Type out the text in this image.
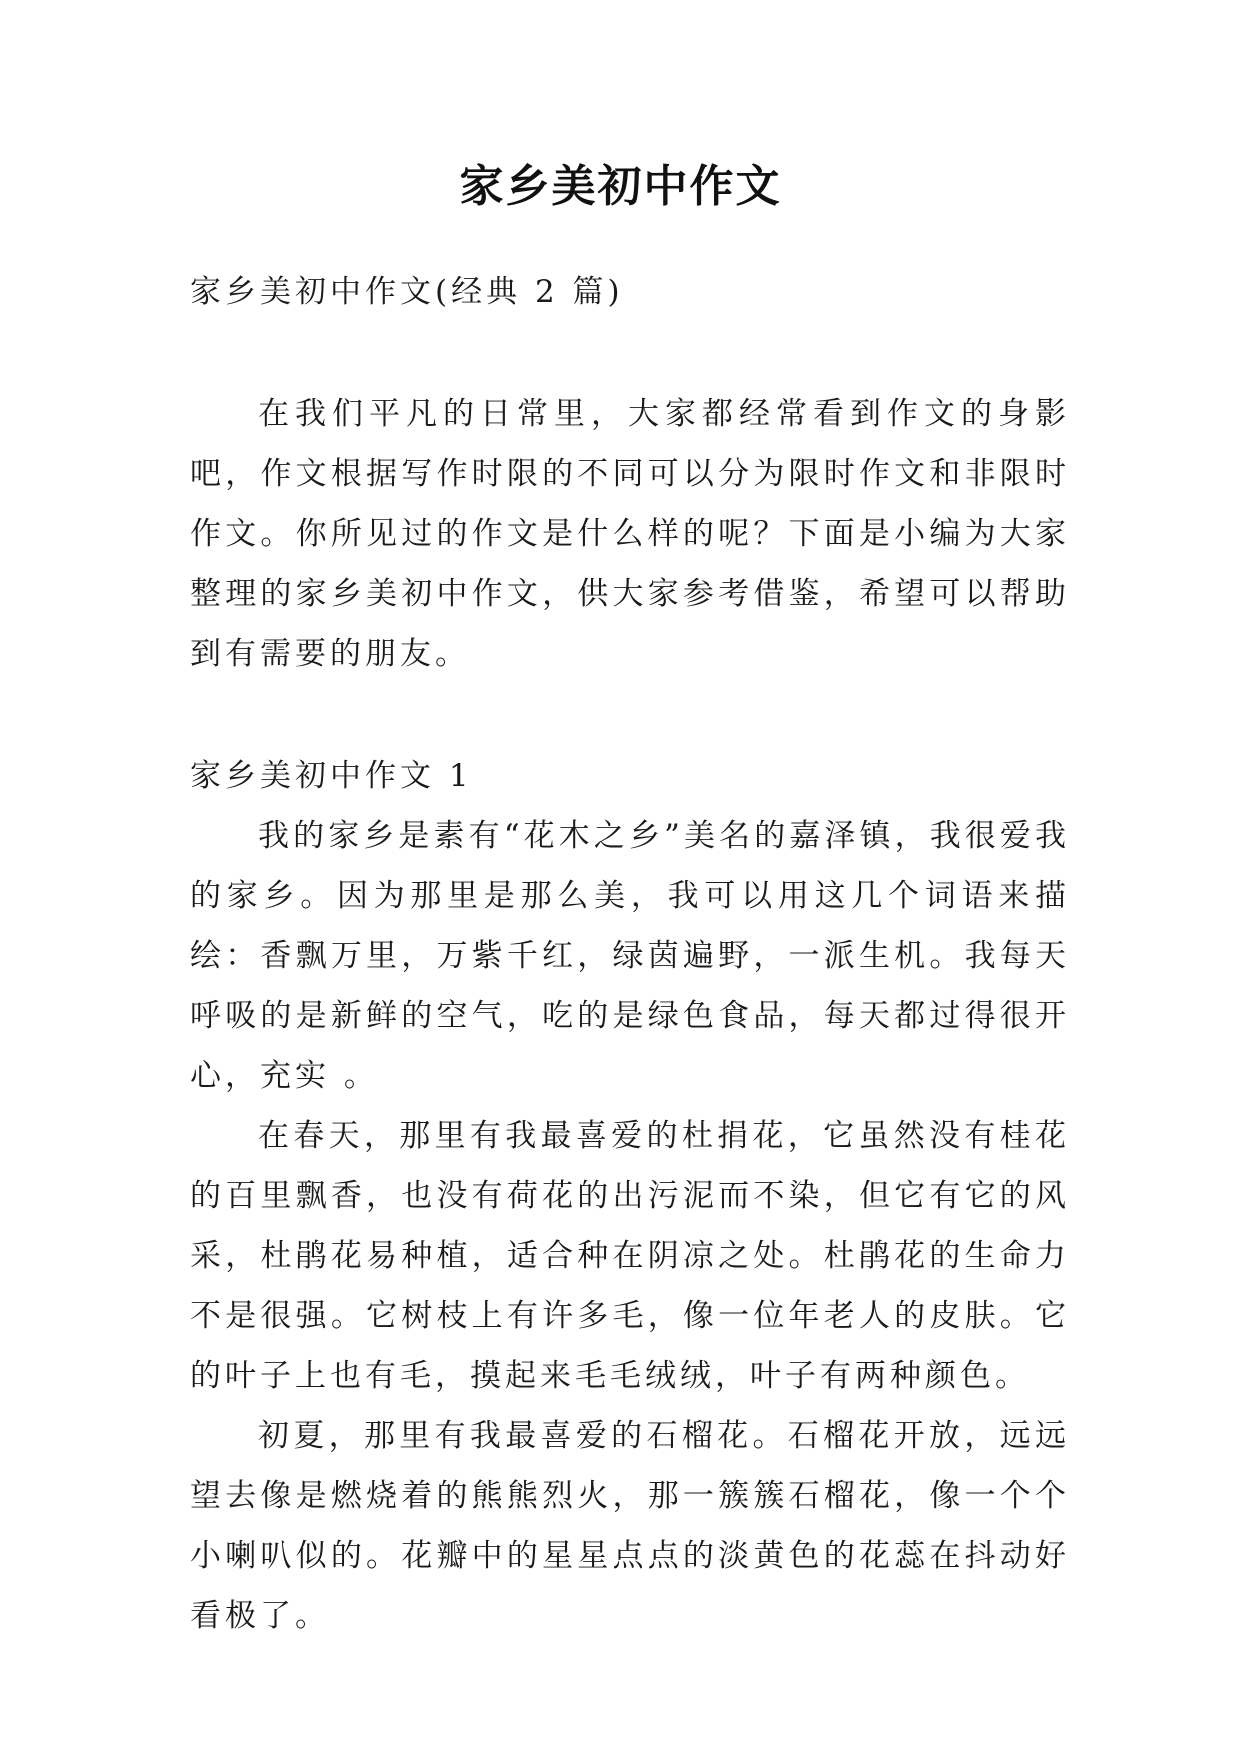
家乡美初中作文

家乡美初中作文(经典 2 篇)

在我们平凡的日常里，大家都经常看到作文的身影吧，作文根据写作时限的不同可以分为限时作文和非限时作文。你所见过的作文是什么样的呢？下面是小编为大家整理的家乡美初中作文，供大家参考借鉴，希望可以帮助到有需要的朋友。

家乡美初中作文 1

我的家乡是素有“花木之乡”美名的嘉泽镇，我很爱我的家乡。因为那里是那么美，我可以用这几个词语来描绘：香飘万里，万紫千红，绿茵遍野，一派生机。我每天呼吸的是新鲜的空气，吃的是绿色食品，每天都过得很开心，充实 。

在春天，那里有我最喜爱的杜捐花，它虽然没有桂花的百里飘香，也没有荷花的出污泥而不染，但它有它的风采，杜鹃花易种植，适合种在阴凉之处。杜鹃花的生命力不是很强。它树枝上有许多毛，像一位年老人的皮肤。它的叶子上也有毛，摸起来毛毛绒绒，叶子有两种颜色。

初夏，那里有我最喜爱的石榴花。石榴花开放，远远望去像是燃烧着的熊熊烈火，那一簇簇石榴花，像一个个小喇叭似的。花瓣中的星星点点的淡黄色的花蕊在抖动好看极了。
